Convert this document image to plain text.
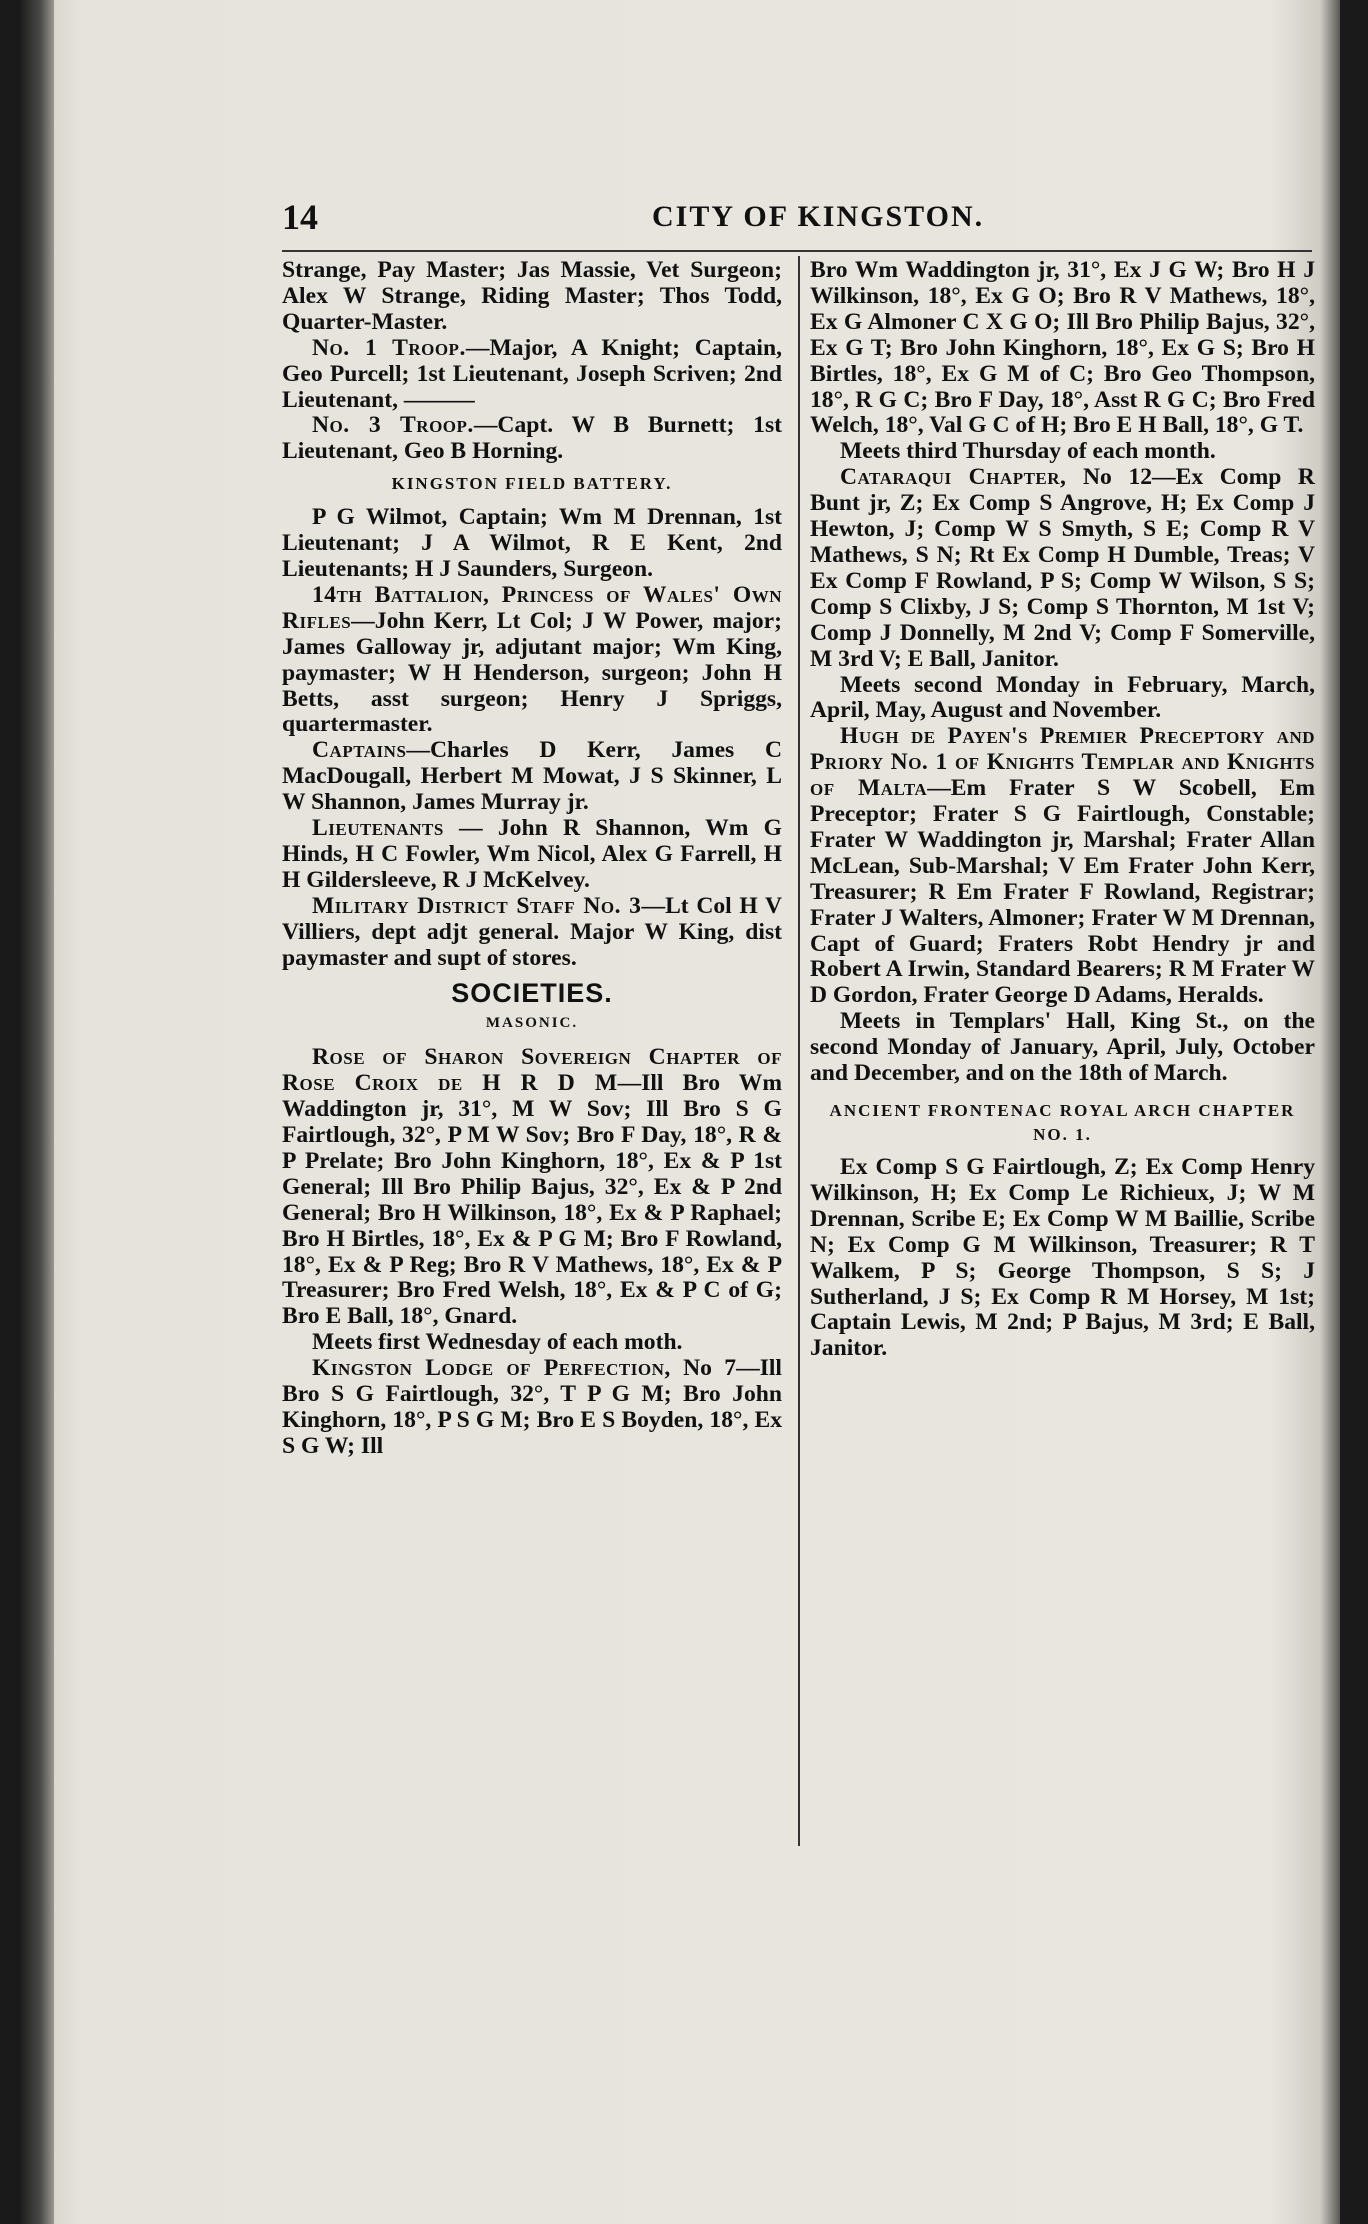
14	CITY OF KINGSTON.

Strange, Pay Master; Jas Massie, Vet Surgeon; Alex W Strange, Riding Master; Thos Todd, Quarter-Master.

No. 1 Troop.—Major, A Knight; Captain, Geo Purcell; 1st Lieutenant, Joseph Scriven; 2nd Lieutenant, ———

No. 3 Troop.—Capt. W B Burnett; 1st Lieutenant, Geo B Horning.

KINGSTON FIELD BATTERY.

P G Wilmot, Captain; Wm M Drennan, 1st Lieutenant; J A Wilmot, R E Kent, 2nd Lieutenants; H J Saunders, Surgeon.

14th Battalion, Princess of Wales' Own Rifles—John Kerr, Lt Col; J W Power, major; James Galloway jr, adjutant major; Wm King, paymaster; W H Henderson, surgeon; John H Betts, asst surgeon; Henry J Spriggs, quartermaster.

Captains—Charles D Kerr, James C MacDougall, Herbert M Mowat, J S Skinner, L W Shannon, James Murray jr.

Lieutenants — John R Shannon, Wm G Hinds, H C Fowler, Wm Nicol, Alex G Farrell, H H Gildersleeve, R J McKelvey.

Military District Staff No. 3—Lt Col H V Villiers, dept adjt general. Major W King, dist paymaster and supt of stores.

SOCIETIES.
MASONIC.

Rose of Sharon Sovereign Chapter of Rose Croix de H R D M—Ill Bro Wm Waddington jr, 31°, M W Sov; Ill Bro S G Fairtlough, 32°, P M W Sov; Bro F Day, 18°, R & P Prelate; Bro John Kinghorn, 18°, Ex & P 1st General; Ill Bro Philip Bajus, 32°, Ex & P 2nd General; Bro H Wilkinson, 18°, Ex & P Raphael; Bro H Birtles, 18°, Ex & P G M; Bro F Rowland, 18°, Ex & P Reg; Bro R V Mathews, 18°, Ex & P Treasurer; Bro Fred Welsh, 18°, Ex & P C of G; Bro E Ball, 18°, Gnard.

Meets first Wednesday of each moth.

Kingston Lodge of Perfection, No 7—Ill Bro S G Fairtlough, 32°, T P G M; Bro John Kinghorn, 18°, P S G M; Bro E S Boyden, 18°, Ex S G W; Ill

Bro Wm Waddington jr, 31°, Ex J G W; Bro H J Wilkinson, 18°, Ex G O; Bro R V Mathews, 18°, Ex G Almoner C X G O; Ill Bro Philip Bajus, 32°, Ex G T; Bro John Kinghorn, 18°, Ex G S; Bro H Birtles, 18°, Ex G M of C; Bro Geo Thompson, 18°, R G C; Bro F Day, 18°, Asst R G C; Bro Fred Welch, 18°, Val G C of H; Bro E H Ball, 18°, G T.

Meets third Thursday of each month.

Cataraqui Chapter, No 12—Ex Comp R Bunt jr, Z; Ex Comp S Angrove, H; Ex Comp J Hewton, J; Comp W S Smyth, S E; Comp R V Mathews, S N; Rt Ex Comp H Dumble, Treas; V Ex Comp F Rowland, P S; Comp W Wilson, S S; Comp S Clixby, J S; Comp S Thornton, M 1st V; Comp J Donnelly, M 2nd V; Comp F Somerville, M 3rd V; E Ball, Janitor.

Meets second Monday in February, March, April, May, August and November.

Hugh de Payen's Premier Preceptory and Priory No. 1 of Knights Templar and Knights of Malta—Em Frater S W Scobell, Em Preceptor; Frater S G Fairtlough, Constable; Frater W Waddington jr, Marshal; Frater Allan McLean, Sub-Marshal; V Em Frater John Kerr, Treasurer; R Em Frater F Rowland, Registrar; Frater J Walters, Almoner; Frater W M Drennan, Capt of Guard; Fraters Robt Hendry jr and Robert A Irwin, Standard Bearers; R M Frater W D Gordon, Frater George D Adams, Heralds.

Meets in Templars' Hall, King St., on the second Monday of January, April, July, October and December, and on the 18th of March.

ANCIENT FRONTENAC ROYAL ARCH CHAPTER NO. 1.

Ex Comp S G Fairtlough, Z; Ex Comp Henry Wilkinson, H; Ex Comp Le Richieux, J; W M Drennan, Scribe E; Ex Comp W M Baillie, Scribe N; Ex Comp G M Wilkinson, Treasurer; R T Walkem, P S; George Thompson, S S; J Sutherland, J S; Ex Comp R M Horsey, M 1st; Captain Lewis, M 2nd; P Bajus, M 3rd; E Ball, Janitor.
